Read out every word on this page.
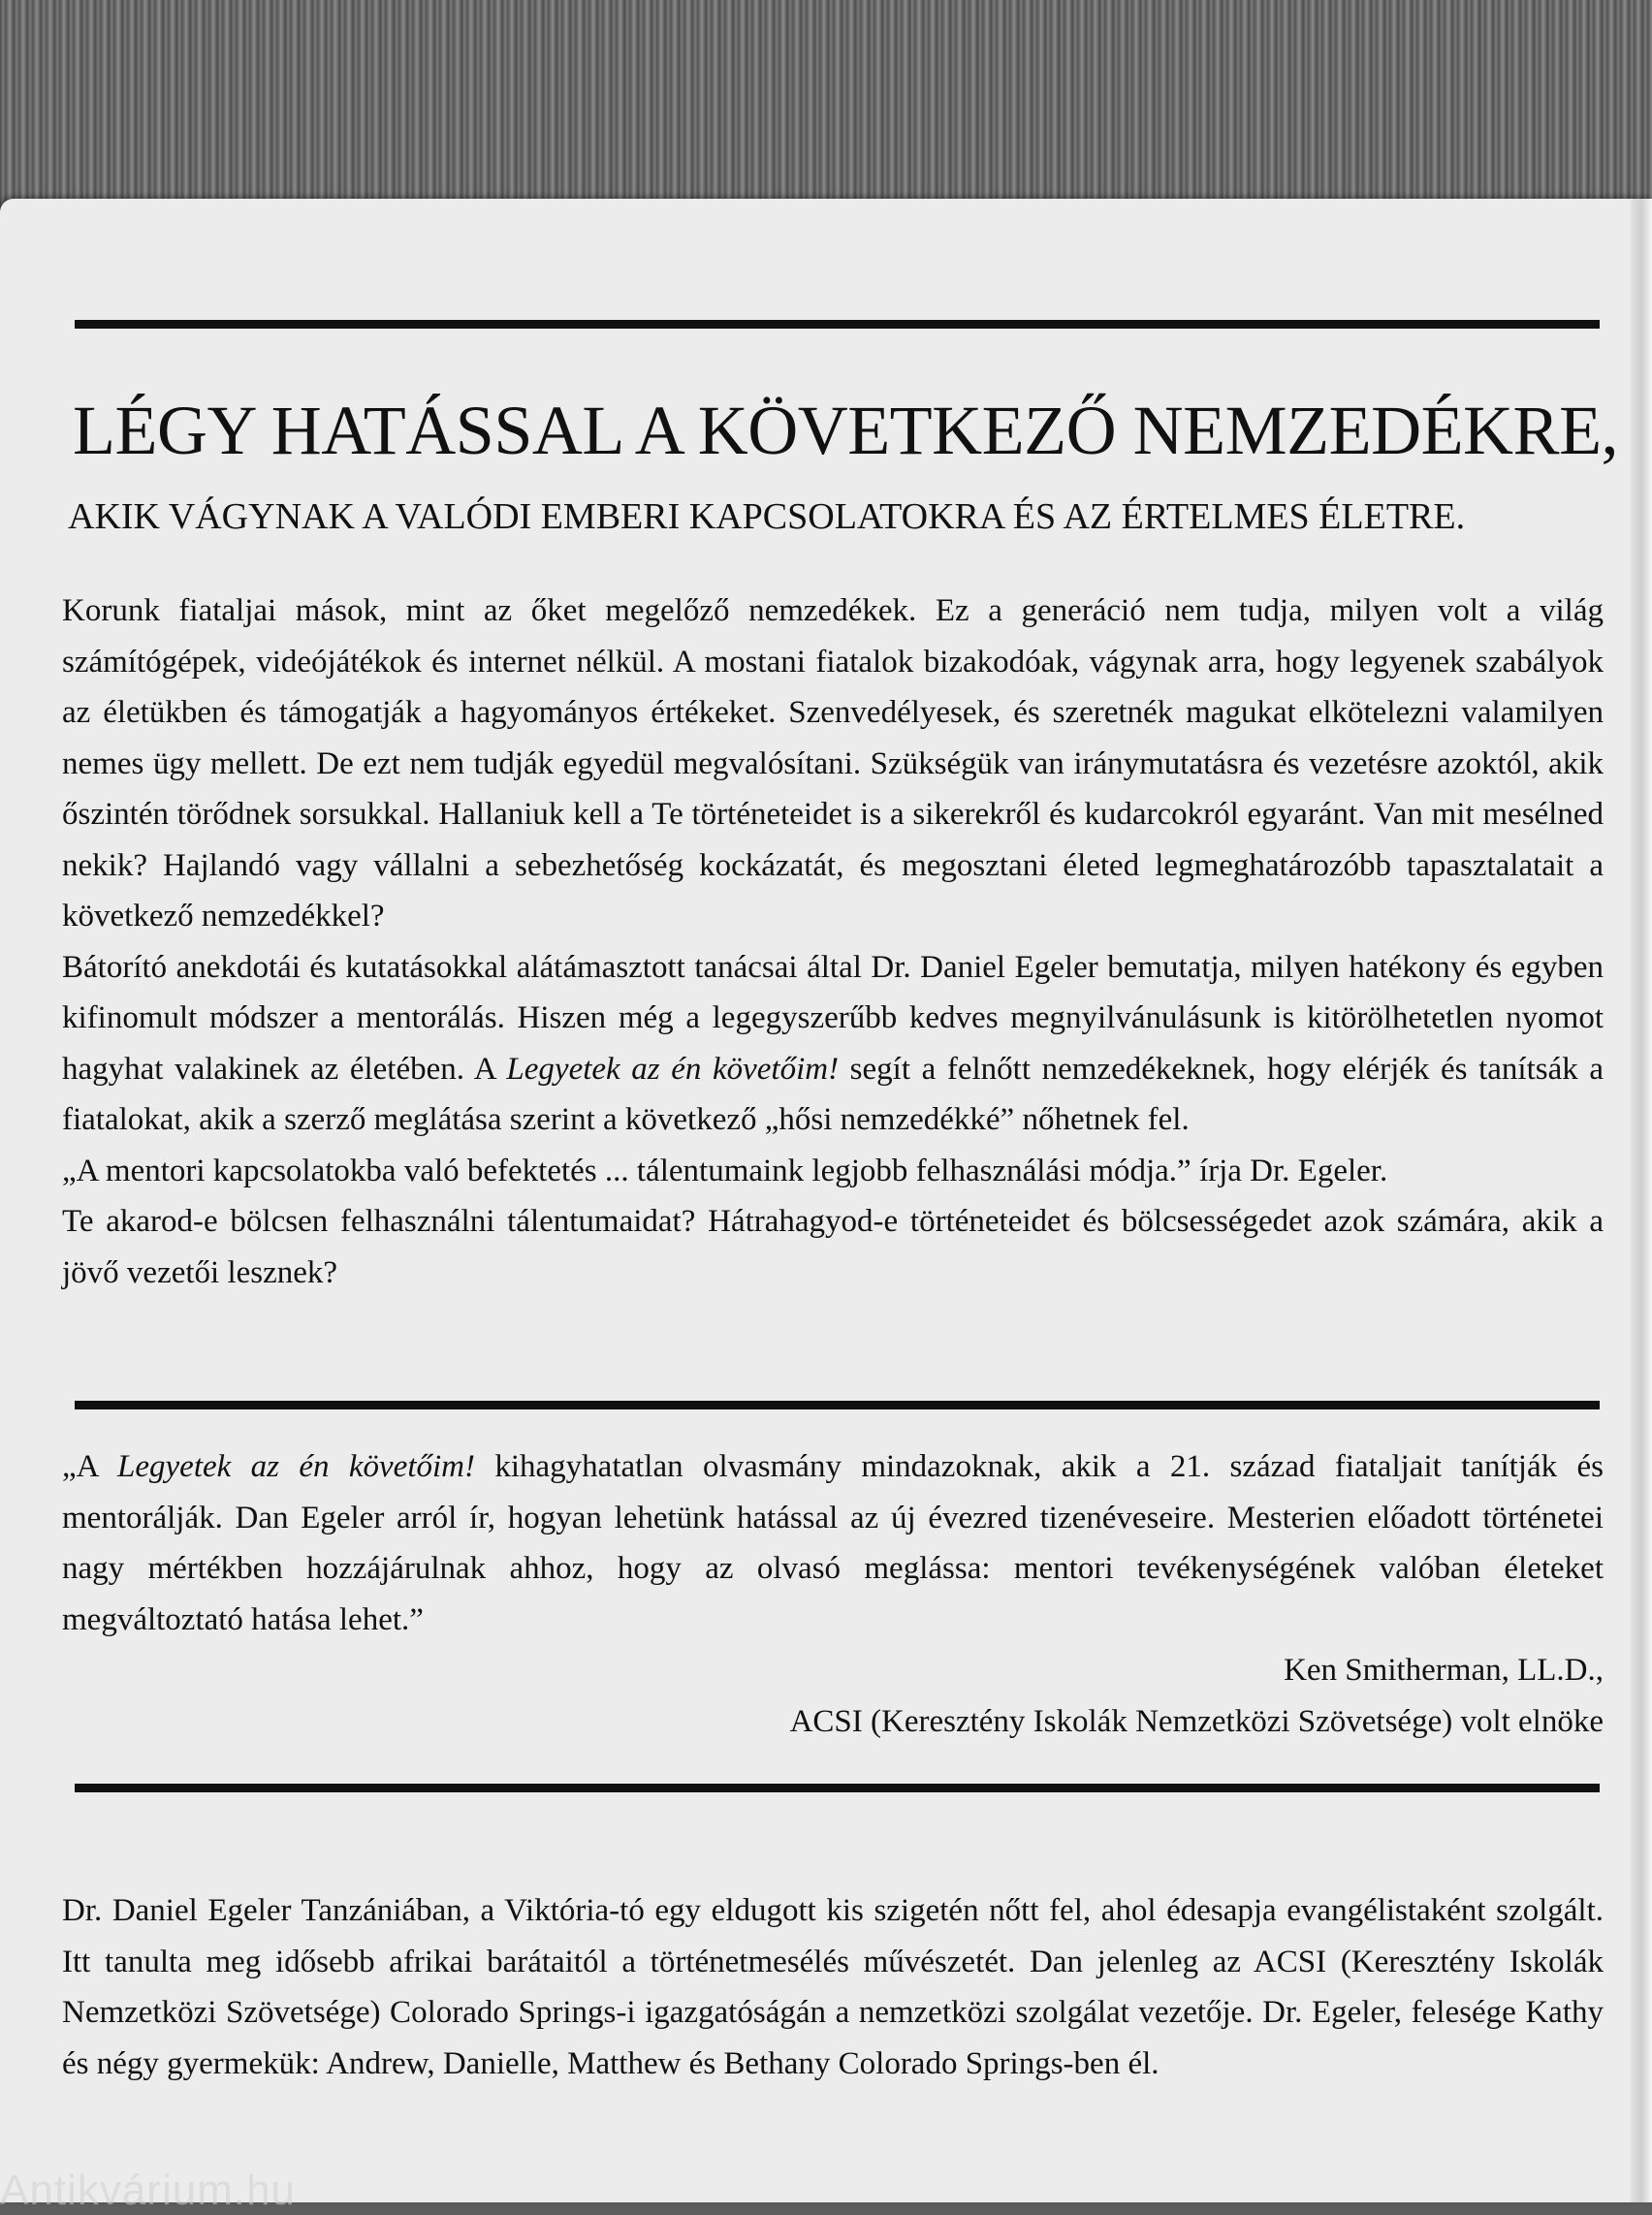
LÉGY HATÁSSAL A KÖVETKEZŐ NEMZEDÉKRE,
AKIK VÁGYNAK A VALÓDI EMBERI KAPCSOLATOKRA ÉS AZ ÉRTELMES ÉLETRE.

Korunk fiataljai mások, mint az őket megelőző nemzedékek. Ez a generáció nem tudja, milyen volt a világ számítógépek, videójátékok és internet nélkül. A mostani fiatalok bizakodóak, vágynak arra, hogy legyenek szabályok az életükben és támogatják a hagyományos értékeket. Szenvedélyesek, és szeretnék magukat elkötelezni valamilyen nemes ügy mellett. De ezt nem tudják egyedül megvalósítani. Szükségük van iránymutatásra és vezetésre azoktól, akik őszintén törődnek sorsukkal. Hallaniuk kell a Te történeteidet is a sikerekről és kudarcokról egyaránt. Van mit mesélned nekik? Hajlandó vagy vállalni a sebezhetőség kockázatát, és megosztani életed legmeghatározóbb tapasztalatait a következő nemzedékkel?

Bátorító anekdotái és kutatásokkal alátámasztott tanácsai által Dr. Daniel Egeler bemutatja, milyen hatékony és egyben kifinomult módszer a mentorálás. Hiszen még a legegyszerűbb kedves megnyilvánulásunk is kitörölhetetlen nyomot hagyhat valakinek az életében. A Legyetek az én követőim! segít a felnőtt nemzedékeknek, hogy elérjék és tanítsák a fiatalokat, akik a szerző meglátása szerint a következő „hősi nemzedékké” nőhetnek fel.

„A mentori kapcsolatokba való befektetés ... tálentumaink legjobb felhasználási módja.” írja Dr. Egeler.

Te akarod-e bölcsen felhasználni tálentumaidat? Hátrahagyod-e történeteidet és bölcsességedet azok számára, akik a jövő vezetői lesznek?

„A Legyetek az én követőim! kihagyhatatlan olvasmány mindazoknak, akik a 21. század fiataljait tanítják és mentorálják. Dan Egeler arról ír, hogyan lehetünk hatással az új évezred tizenéveseire. Mesterien előadott történetei nagy mértékben hozzájárulnak ahhoz, hogy az olvasó meglássa: mentori tevékenységének valóban életeket megváltoztató hatása lehet.”

Ken Smitherman, LL.D.,

ACSI (Keresztény Iskolák Nemzetközi Szövetsége) volt elnöke

Dr. Daniel Egeler Tanzániában, a Viktória-tó egy eldugott kis szigetén nőtt fel, ahol édesapja evangélistaként szolgált. Itt tanulta meg idősebb afrikai barátaitól a történetmesélés művészetét. Dan jelenleg az ACSI (Keresztény Iskolák Nemzetközi Szövetsége) Colorado Springs-i igazgatóságán a nemzetközi szolgálat vezetője. Dr. Egeler, felesége Kathy és négy gyermekük: Andrew, Danielle, Matthew és Bethany Colorado Springs-ben él.

Antikvárium.hu
